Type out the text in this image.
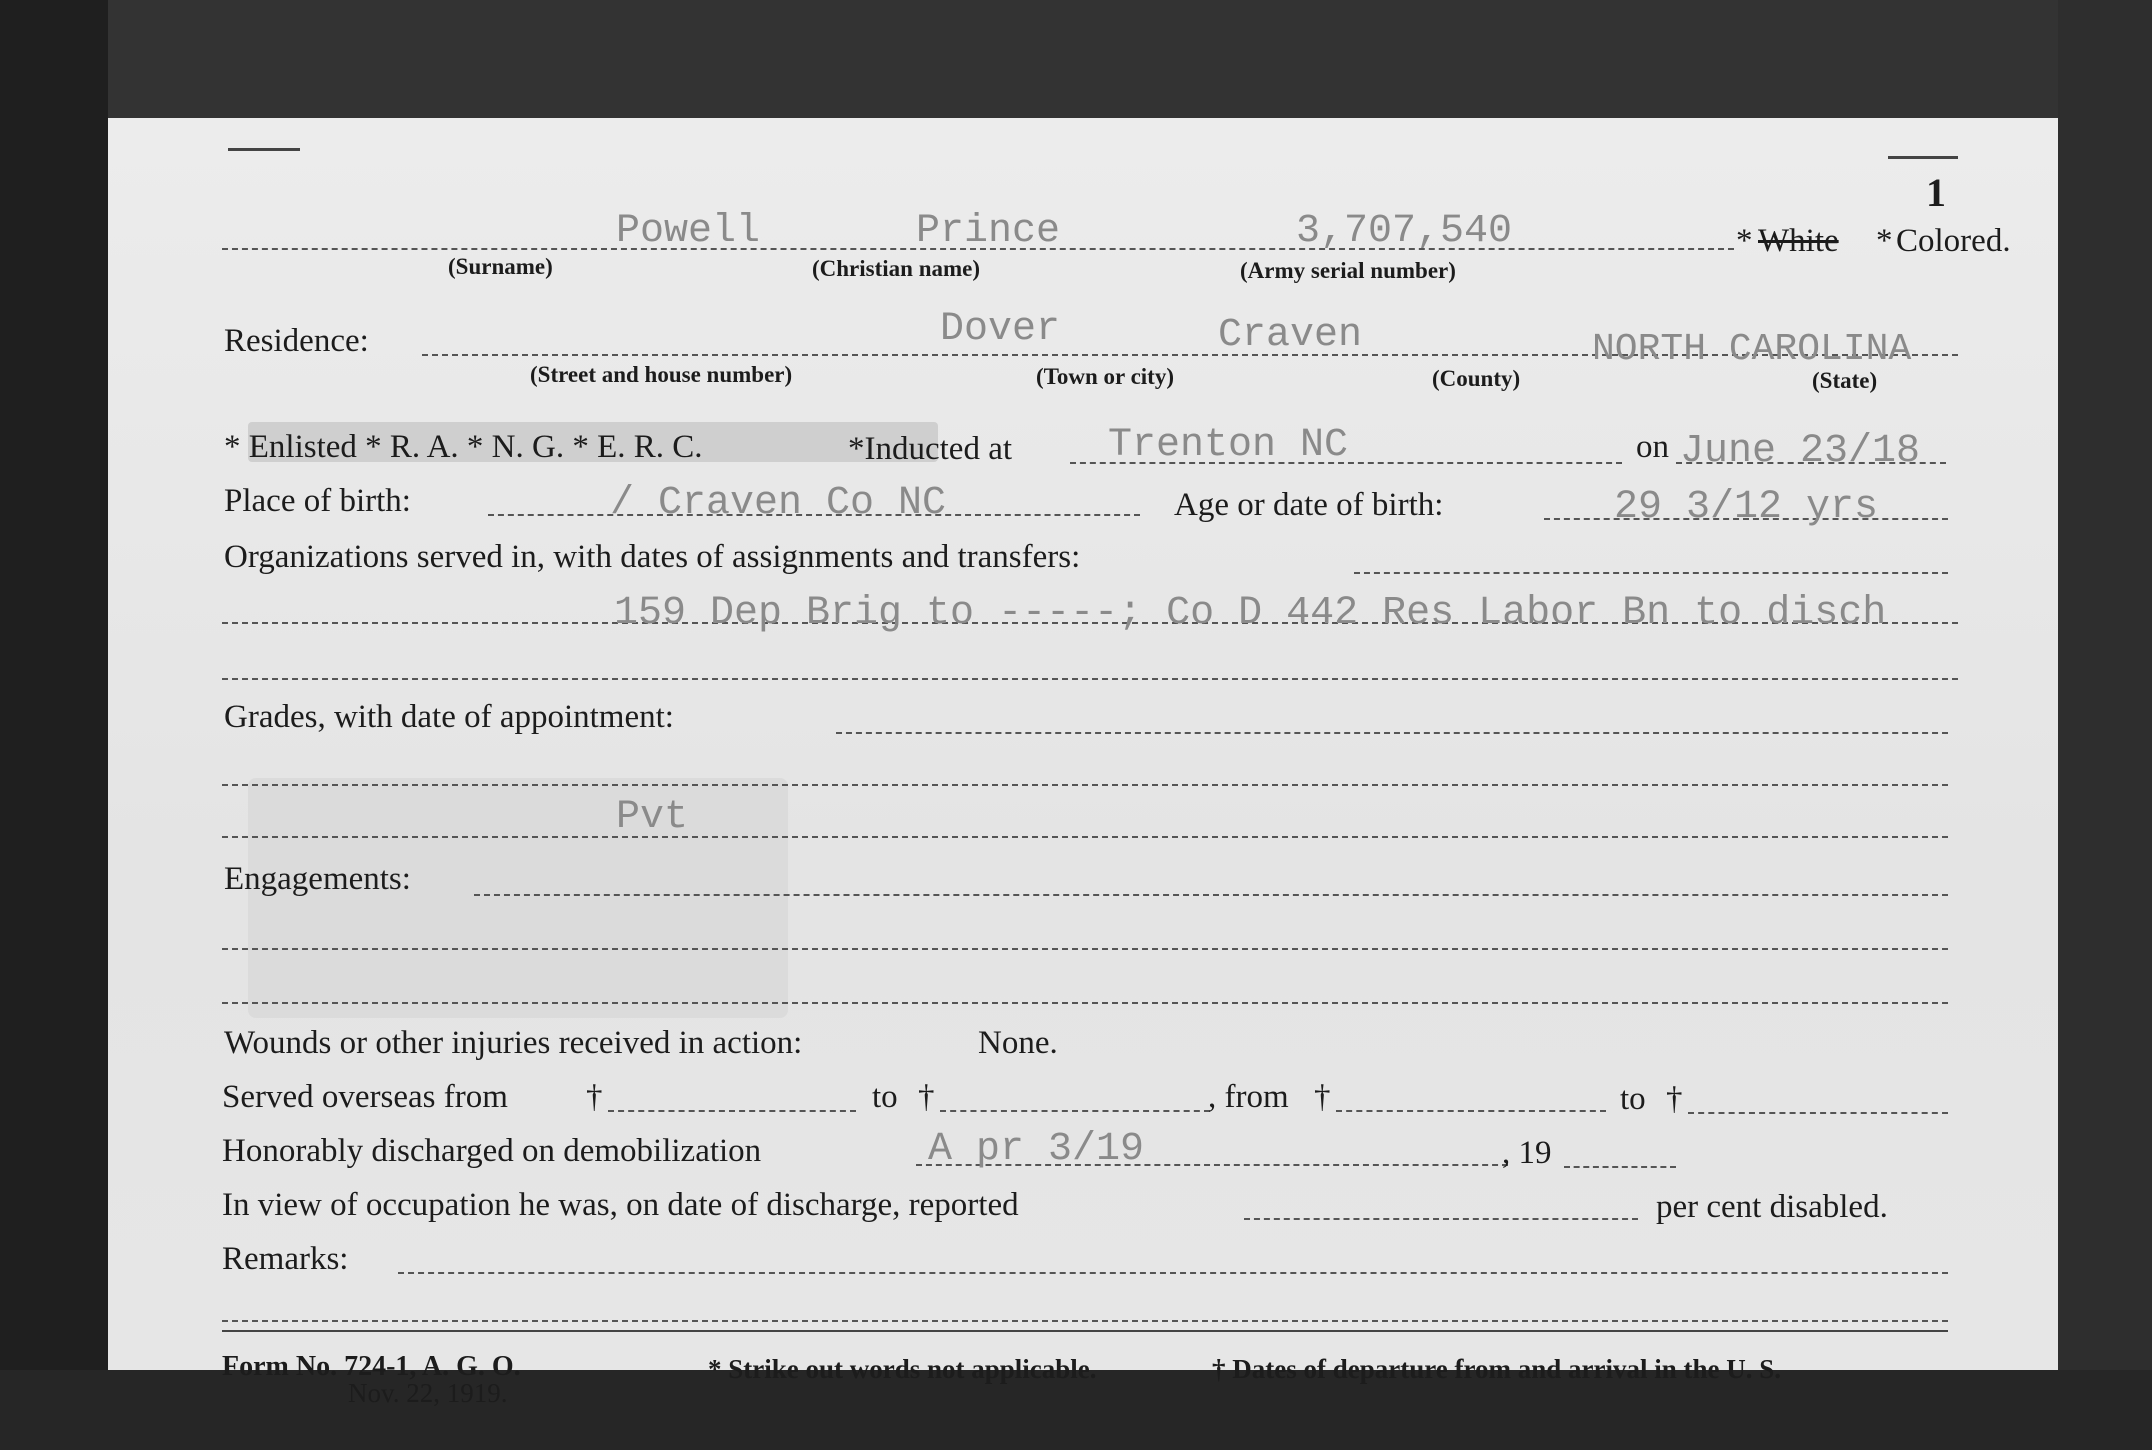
1
Powell	Prince	3,707,540	* White * Colored.
(Surname)	(Christian name)	(Army serial number)
Residence:	Dover	Craven	NORTH CAROLINA
(Street and house number)	(Town or city)	(County)	(State)
* Enlisted * R. A. * N. G. * E. R. C.	*Inducted at Trenton NC	on June 23/18
Place of birth:	/ Craven Co NC	Age or date of birth:	29 3/12 yrs
Organizations served in, with dates of assignments and transfers:
159 Dep Brig to -----; Co D 442 Res Labor Bn to disch
Grades, with date of appointment:
Pvt
Engagements:
Wounds or other injuries received in action:	None.
Served overseas from †	to †	, from †	to †
Honorably discharged on demobilization	A pr 3/19	, 19
In view of occupation he was, on date of discharge, reported	per cent disabled.
Remarks:
Form No. 724-1, A. G. O.
Nov. 22, 1919.
* Strike out words not applicable.	† Dates of departure from and arrival in the U. S.
